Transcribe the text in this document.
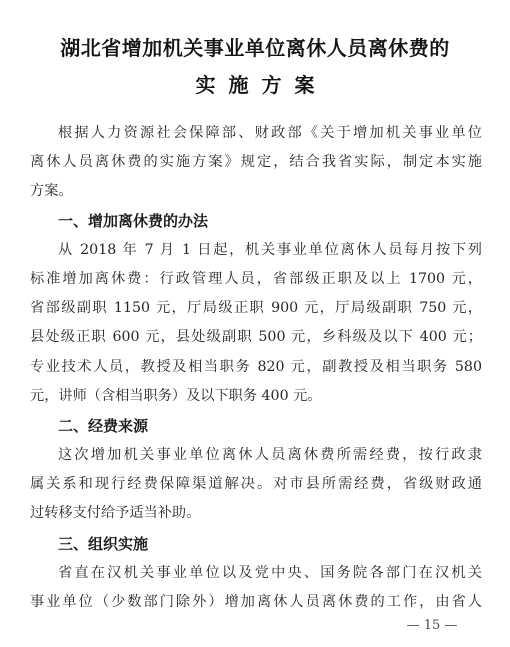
湖北省增加机关事业单位离休人员离休费的
实施方案
根据人力资源社会保障部、财政部《关于增加机关事业单位
离休人员离休费的实施方案》规定，结合我省实际，制定本实施
方案。
一、增加离休费的办法
从 2018 年 7 月 1 日起，机关事业单位离休人员每月按下列
标准增加离休费：行政管理人员，省部级正职及以上 1700 元，
省部级副职 1150 元，厅局级正职 900 元，厅局级副职 750 元，
县处级正职 600 元，县处级副职 500 元，乡科级及以下 400 元；
专业技术人员，教授及相当职务 820 元，副教授及相当职务 580
元，讲师（含相当职务）及以下职务 400 元。
二、经费来源
这次增加机关事业单位离休人员离休费所需经费，按行政隶
属关系和现行经费保障渠道解决。对市县所需经费，省级财政通
过转移支付给予适当补助。
三、组织实施
省直在汉机关事业单位以及党中央、国务院各部门在汉机关
事业单位（少数部门除外）增加离休人员离休费的工作，由省人
— 15 —
